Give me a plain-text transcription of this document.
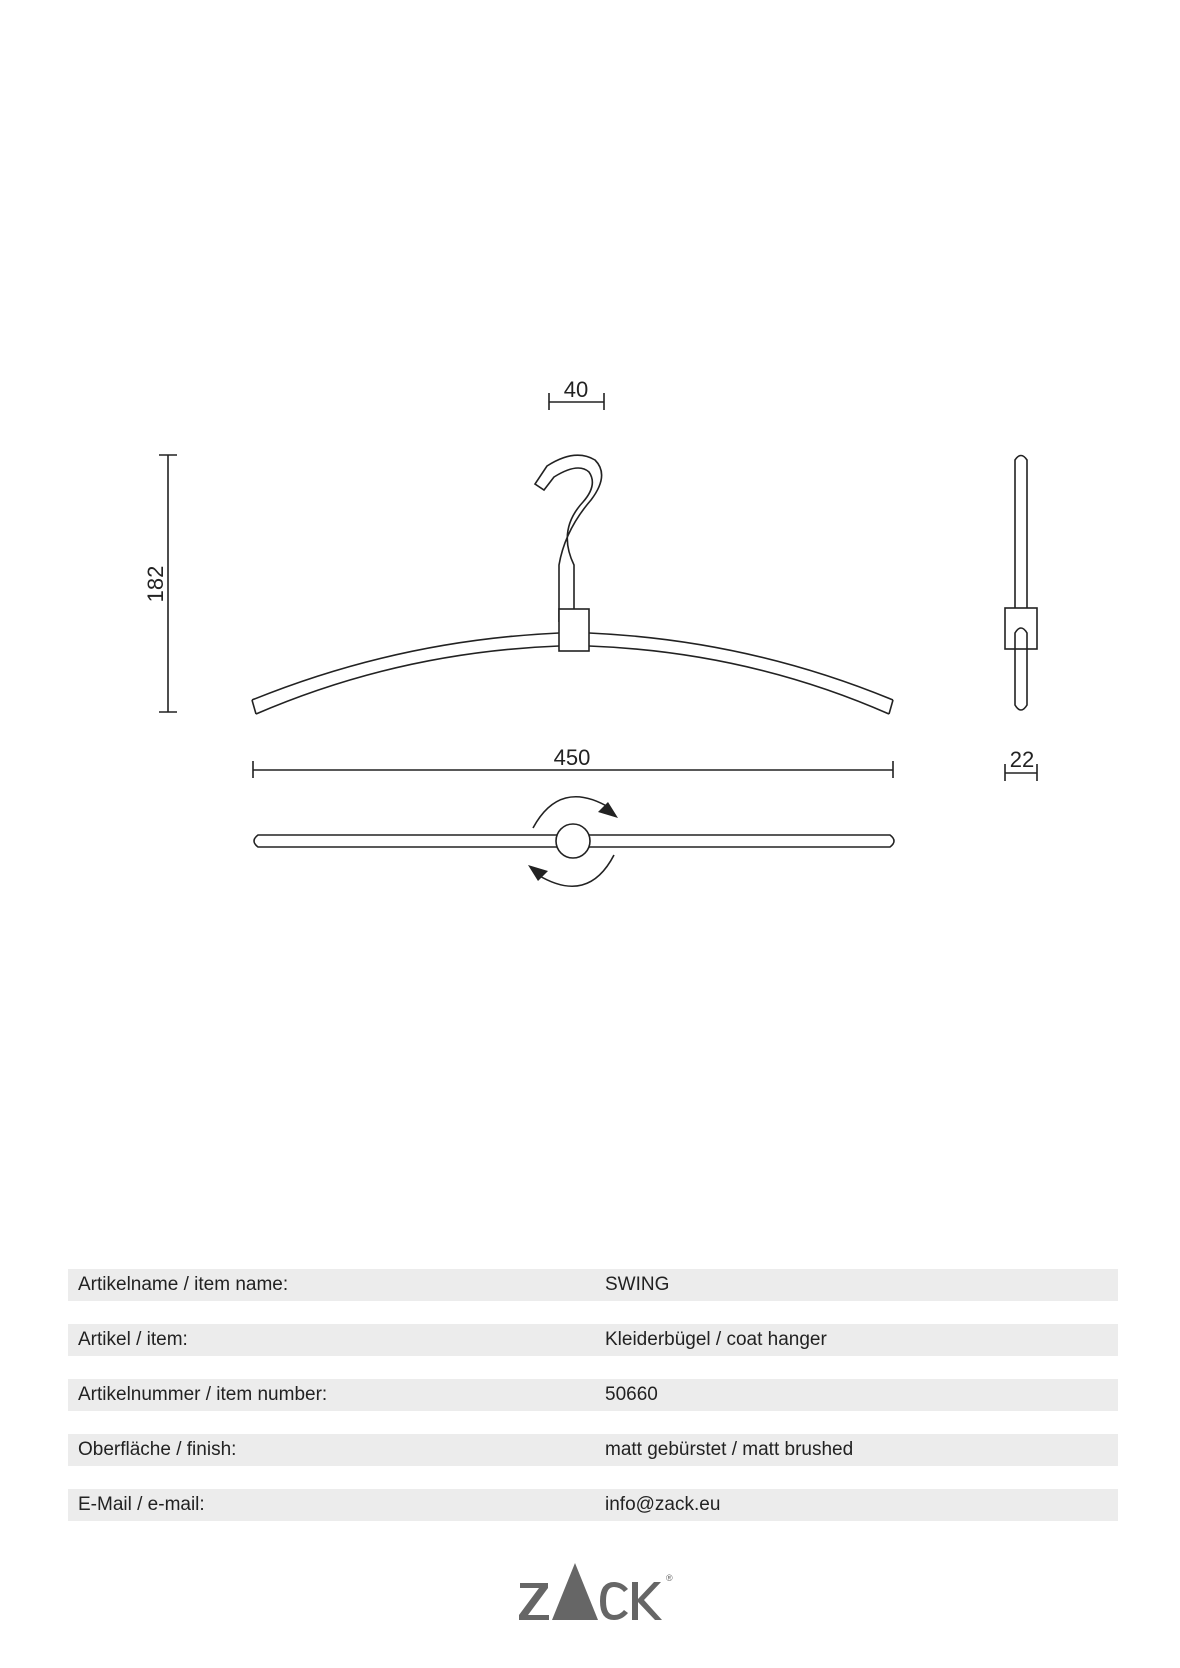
40
182
450	22
Artikelname / item name:	SWING
Artikel / item:	Kleiderbügel / coat hanger
Artikelnummer / item number:	50660
Oberfläche / finish:	matt gebürstet / matt brushed
E-Mail / e-mail:	info@zack.eu
®
